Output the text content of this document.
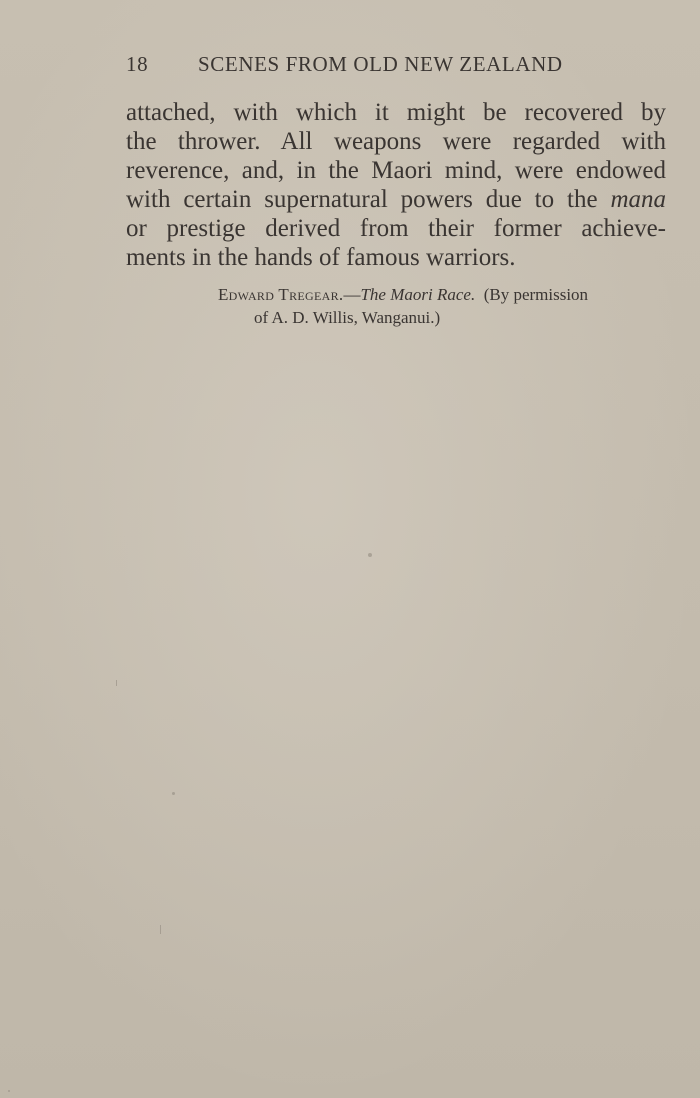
18 SCENES FROM OLD NEW ZEALAND
attached, with which it might be recovered by
the thrower. All weapons were regarded with
reverence, and, in the Maori mind, were endowed
with certain supernatural powers due to the mana
or prestige derived from their former achieve-
ments in the hands of famous warriors.
Edward Tregear.—The Maori Race. (By permission
of A. D. Willis, Wanganui.)
